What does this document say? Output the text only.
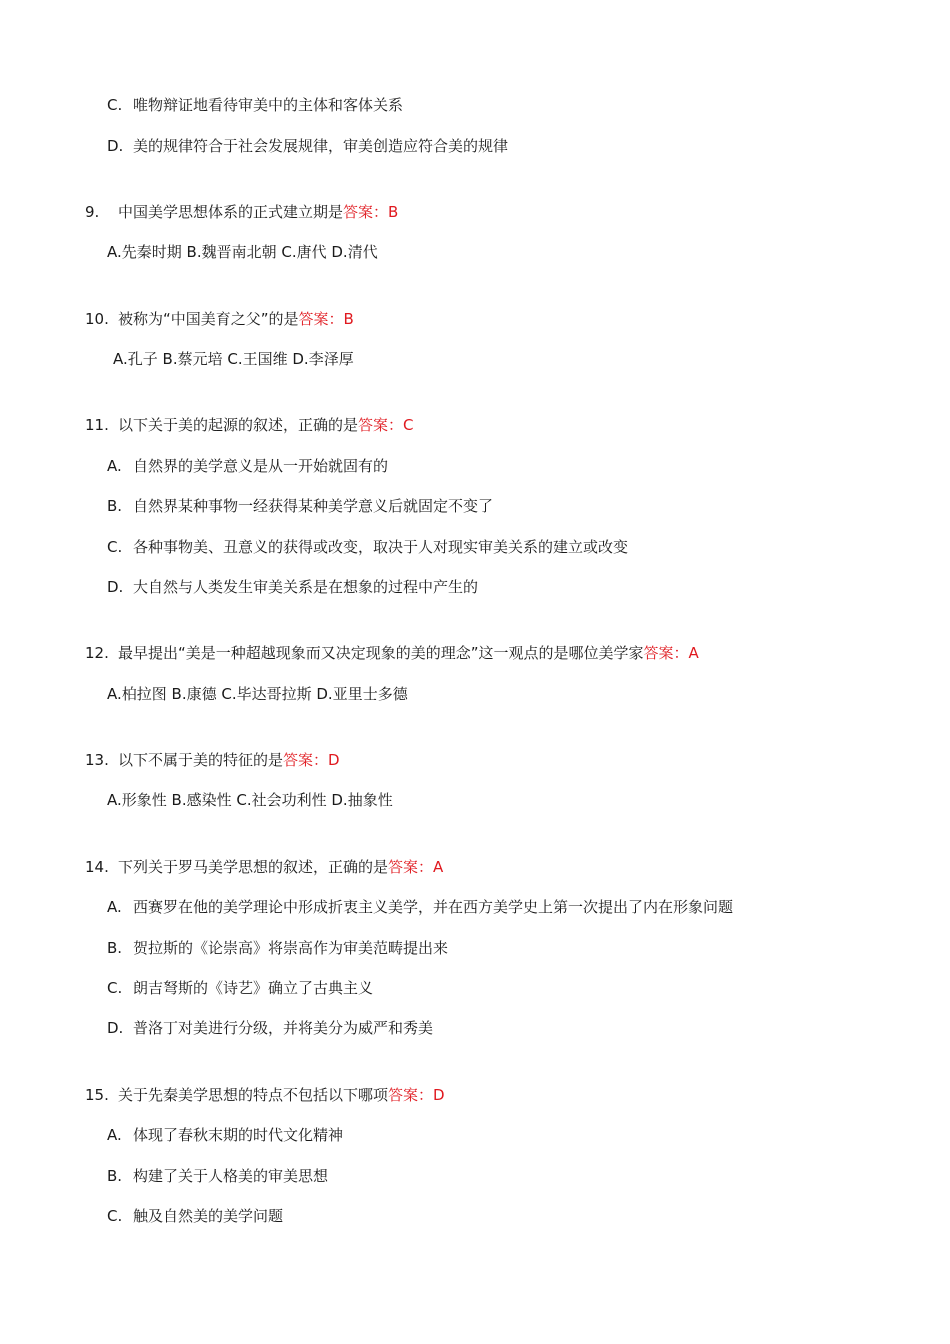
C. 唯物辩证地看待审美中的主体和客体关系
D. 美的规律符合于社会发展规律，审美创造应符合美的规律
9. 中国美学思想体系的正式建立期是答案：B
A.先秦时期 B.魏晋南北朝 C.唐代 D.清代
10. 被称为“中国美育之父”的是答案：B
A.孔子 B.蔡元培 C.王国维 D.李泽厚
11. 以下关于美的起源的叙述，正确的是答案：C
A. 自然界的美学意义是从一开始就固有的
B. 自然界某种事物一经获得某种美学意义后就固定不变了
C. 各种事物美、丑意义的获得或改变，取决于人对现实审美关系的建立或改变
D. 大自然与人类发生审美关系是在想象的过程中产生的
12. 最早提出“美是一种超越现象而又决定现象的美的理念”这一观点的是哪位美学家答案：A
A.柏拉图 B.康德 C.毕达哥拉斯 D.亚里士多德
13. 以下不属于美的特征的是答案：D
A.形象性 B.感染性 C.社会功利性 D.抽象性
14. 下列关于罗马美学思想的叙述，正确的是答案：A
A. 西赛罗在他的美学理论中形成折衷主义美学，并在西方美学史上第一次提出了内在形象问题
B. 贺拉斯的《论崇高》将崇高作为审美范畴提出来
C. 朗吉弩斯的《诗艺》确立了古典主义
D. 普洛丁对美进行分级，并将美分为威严和秀美
15. 关于先秦美学思想的特点不包括以下哪项答案：D
A. 体现了春秋末期的时代文化精神
B. 构建了关于人格美的审美思想
C. 触及自然美的美学问题
